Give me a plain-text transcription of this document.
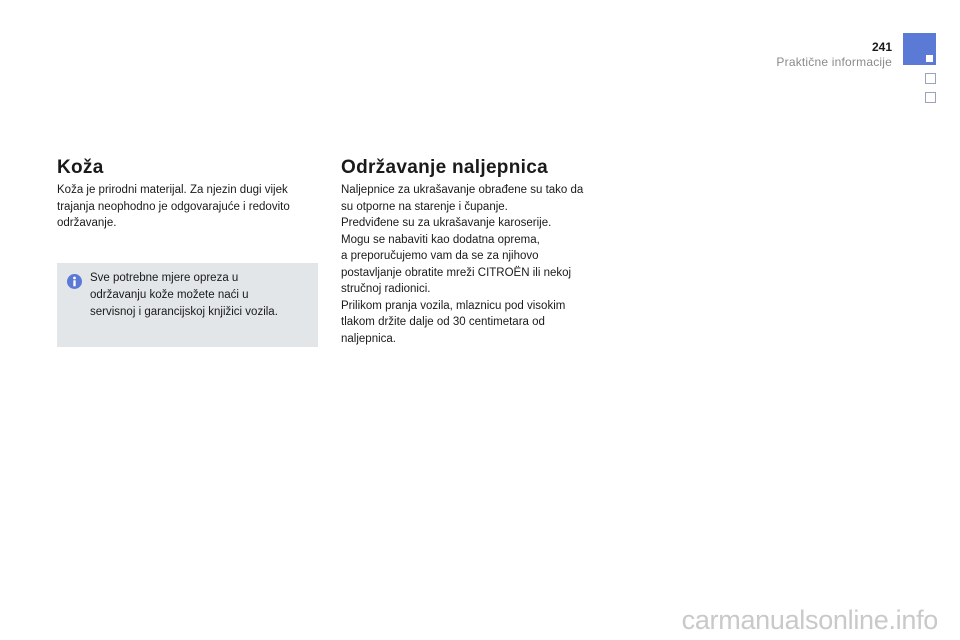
241
Praktične informacije
Koža

Koža je prirodni materijal. Za njezin dugi vijek
trajanja neophodno je odgovarajuće i redovito
održavanje.

Sve potrebne mjere opreza u
održavanju kože možete naći u
servisnoj i garancijskoj knjižici vozila.

Održavanje naljepnica

Naljepnice za ukrašavanje obrađene su tako da
su otporne na starenje i čupanje.
Predviđene su za ukrašavanje karoserije.
Mogu se nabaviti kao dodatna oprema,
a preporučujemo vam da se za njihovo
postavljanje obratite mreži CITROËN ili nekoj
stručnoj radionici.
Prilikom pranja vozila, mlaznicu pod visokim
tlakom držite dalje od 30 centimetara od
naljepnica.

carmanualsonline.info
